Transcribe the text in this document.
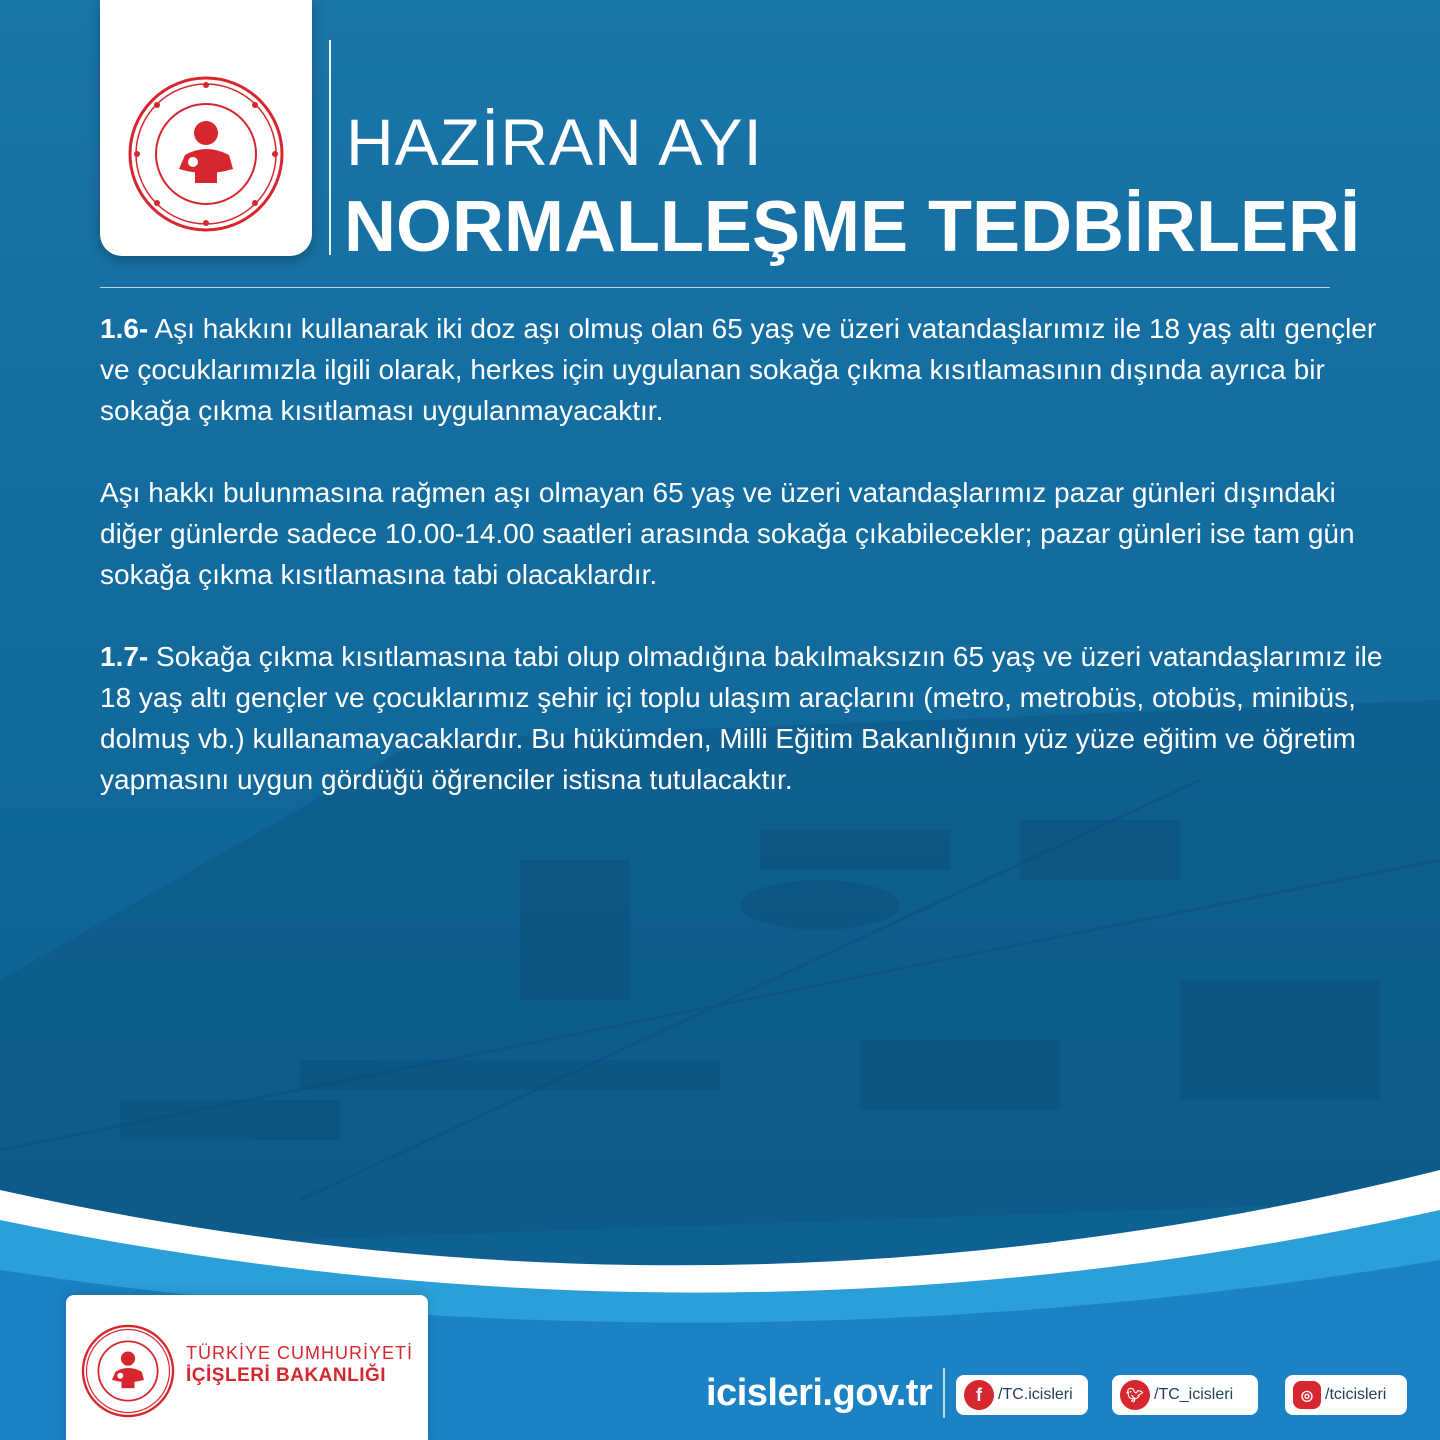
HAZİRAN AYI
NORMALLEŞME TEDBİRLERİ

1.6- Aşı hakkını kullanarak iki doz aşı olmuş olan 65 yaş ve üzeri vatandaşlarımız ile 18 yaş altı gençler ve çocuklarımızla ilgili olarak, herkes için uygulanan sokağa çıkma kısıtlamasının dışında ayrıca bir sokağa çıkma kısıtlaması uygulanmayacaktır.

Aşı hakkı bulunmasına rağmen aşı olmayan 65 yaş ve üzeri vatandaşlarımız pazar günleri dışındaki diğer günlerde sadece 10.00-14.00 saatleri arasında sokağa çıkabilecekler; pazar günleri ise tam gün sokağa çıkma kısıtlamasına tabi olacaklardır.

1.7- Sokağa çıkma kısıtlamasına tabi olup olmadığına bakılmaksızın 65 yaş ve üzeri vatandaşlarımız ile 18 yaş altı gençler ve çocuklarımız şehir içi toplu ulaşım araçlarını (metro, metrobüs, otobüs, minibüs, dolmuş vb.) kullanamayacaklardır. Bu hükümden, Milli Eğitim Bakanlığının yüz yüze eğitim ve öğretim yapmasını uygun gördüğü öğrenciler istisna tutulacaktır.

TÜRKİYE CUMHURİYETİ
İÇİŞLERİ BAKANLIĞI	icisleri.gov.tr	f	/TC.icisleri	🐦︎ /TC_icisleri	◎ /tcicisleri
